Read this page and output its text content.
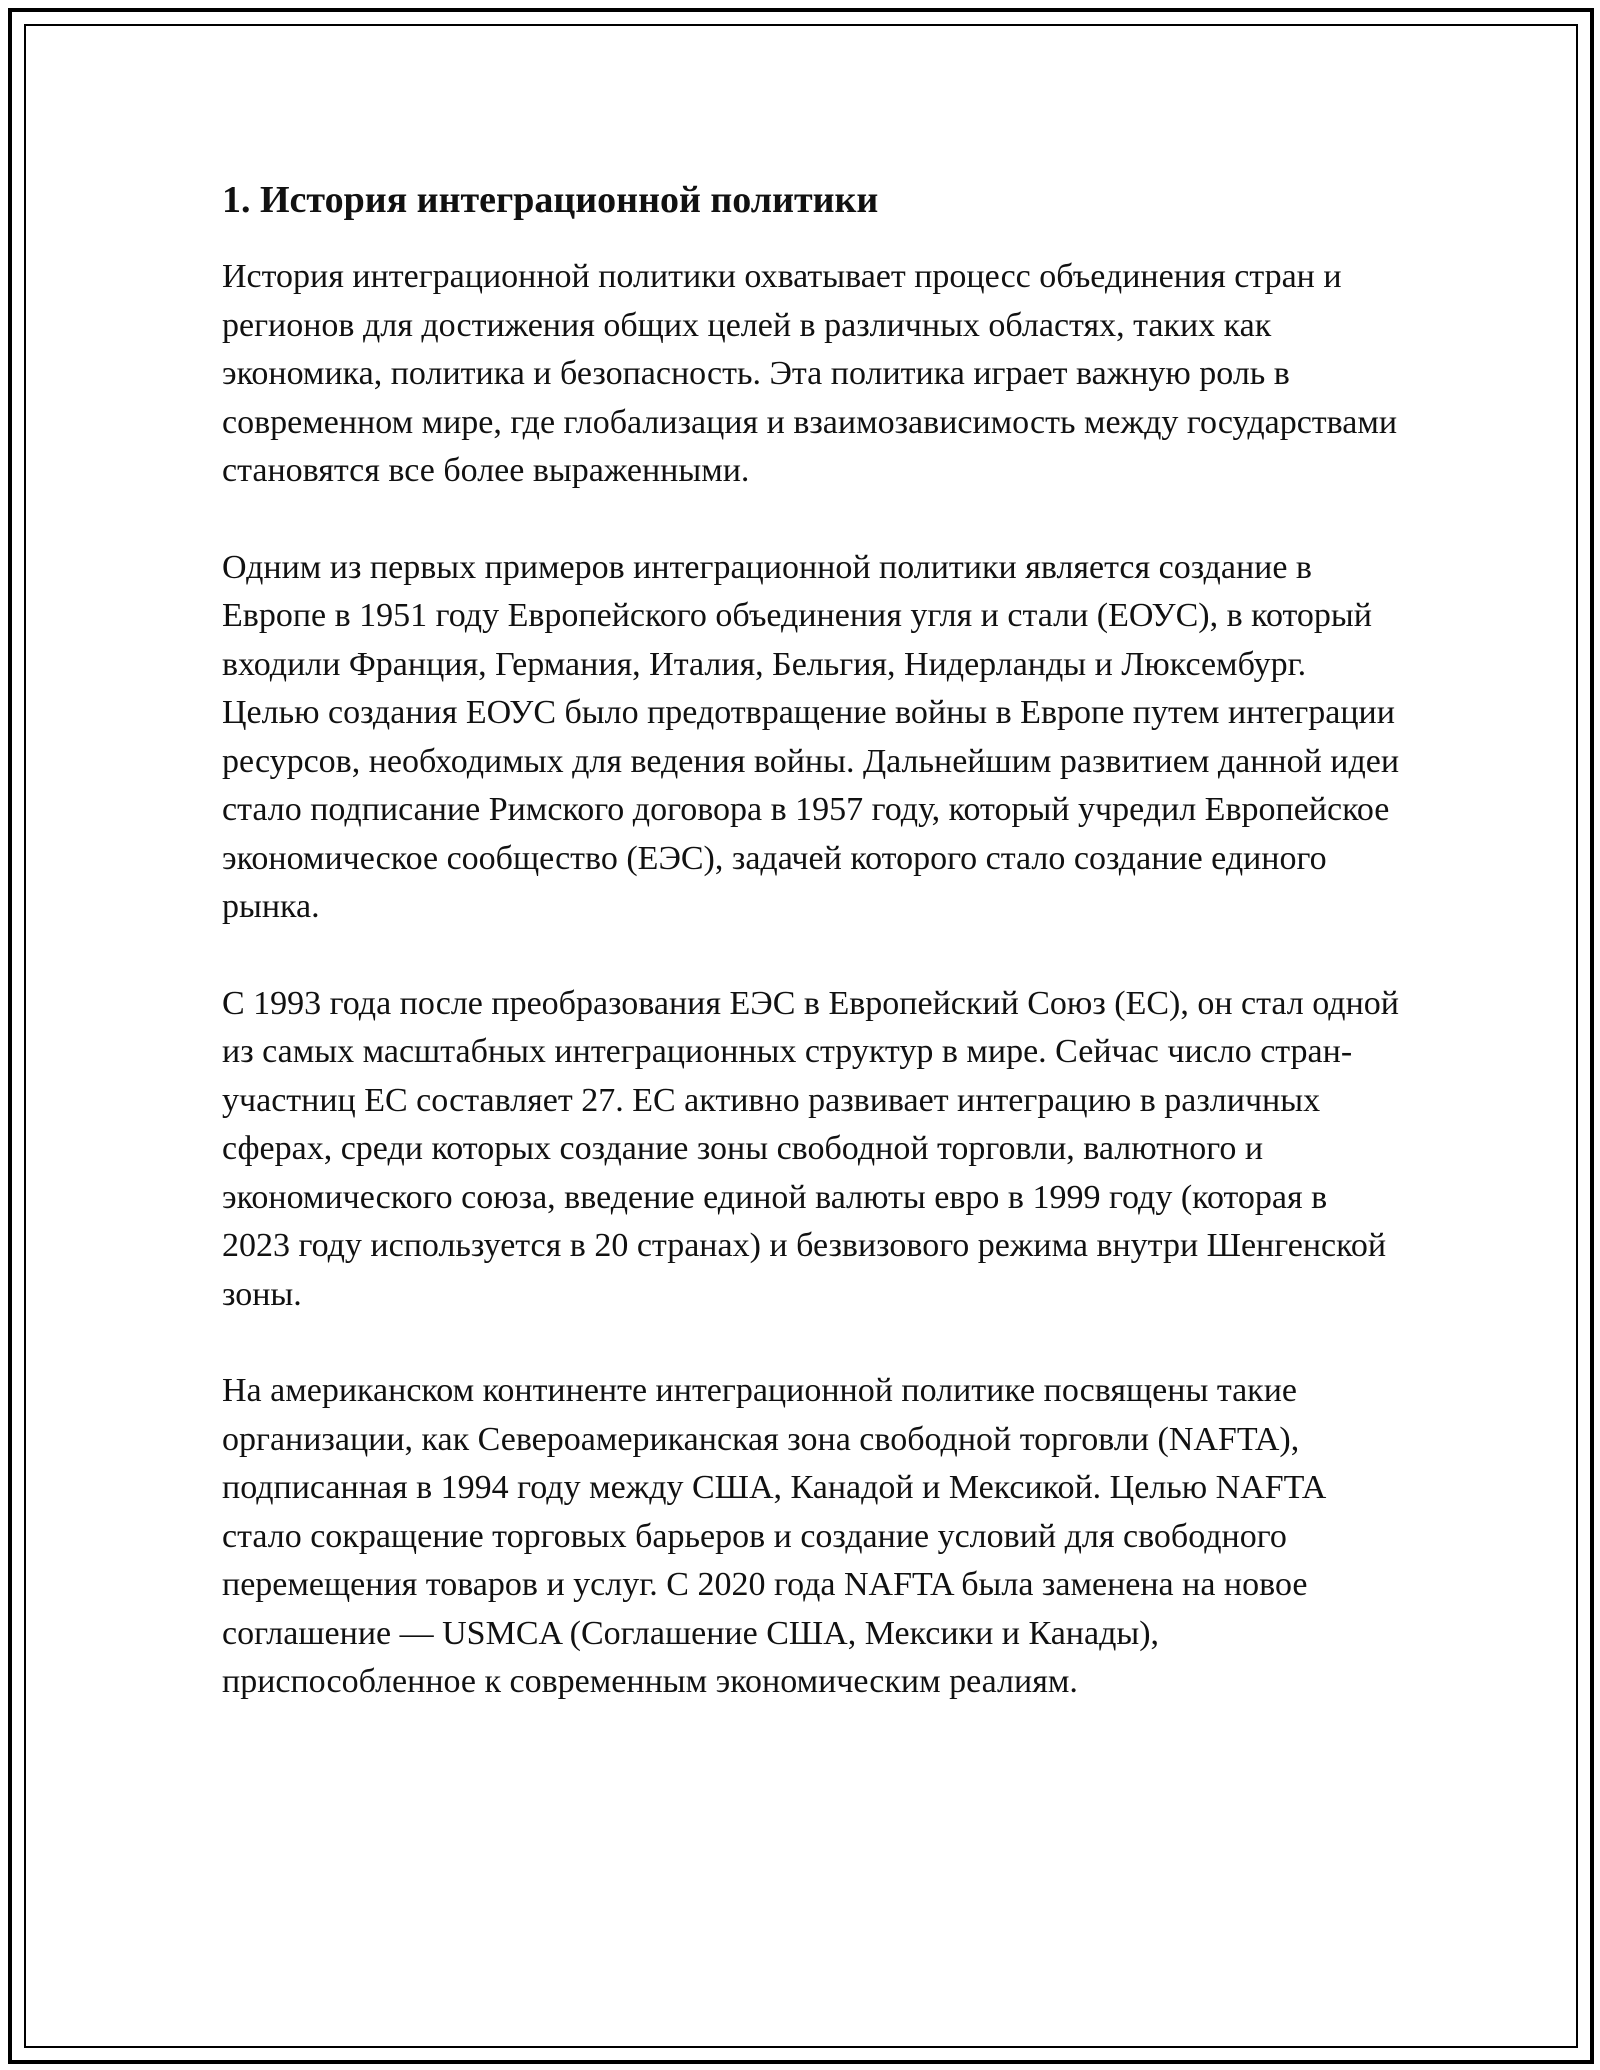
1. История интеграционной политики

История интеграционной политики охватывает процесс объединения стран и регионов для достижения общих целей в различных областях, таких как экономика, политика и безопасность. Эта политика играет важную роль в современном мире, где глобализация и взаимозависимость между государствами становятся все более выраженными.

Одним из первых примеров интеграционной политики является создание в Европе в 1951 году Европейского объединения угля и стали (ЕОУС), в который входили Франция, Германия, Италия, Бельгия, Нидерланды и Люксембург. Целью создания ЕОУС было предотвращение войны в Европе путем интеграции ресурсов, необходимых для ведения войны. Дальнейшим развитием данной идеи стало подписание Римского договора в 1957 году, который учредил Европейское экономическое сообщество (ЕЭС), задачей которого стало создание единого рынка.

С 1993 года после преобразования ЕЭС в Европейский Союз (ЕС), он стал одной из самых масштабных интеграционных структур в мире. Сейчас число стран-участниц ЕС составляет 27. ЕС активно развивает интеграцию в различных сферах, среди которых создание зоны свободной торговли, валютного и экономического союза, введение единой валюты евро в 1999 году (которая в 2023 году используется в 20 странах) и безвизового режима внутри Шенгенской зоны.

На американском континенте интеграционной политике посвящены такие организации, как Североамериканская зона свободной торговли (NAFTA), подписанная в 1994 году между США, Канадой и Мексикой. Целью NAFTA стало сокращение торговых барьеров и создание условий для свободного перемещения товаров и услуг. С 2020 года NAFTA была заменена на новое соглашение — USMCA (Соглашение США, Мексики и Канады), приспособленное к современным экономическим реалиям.
